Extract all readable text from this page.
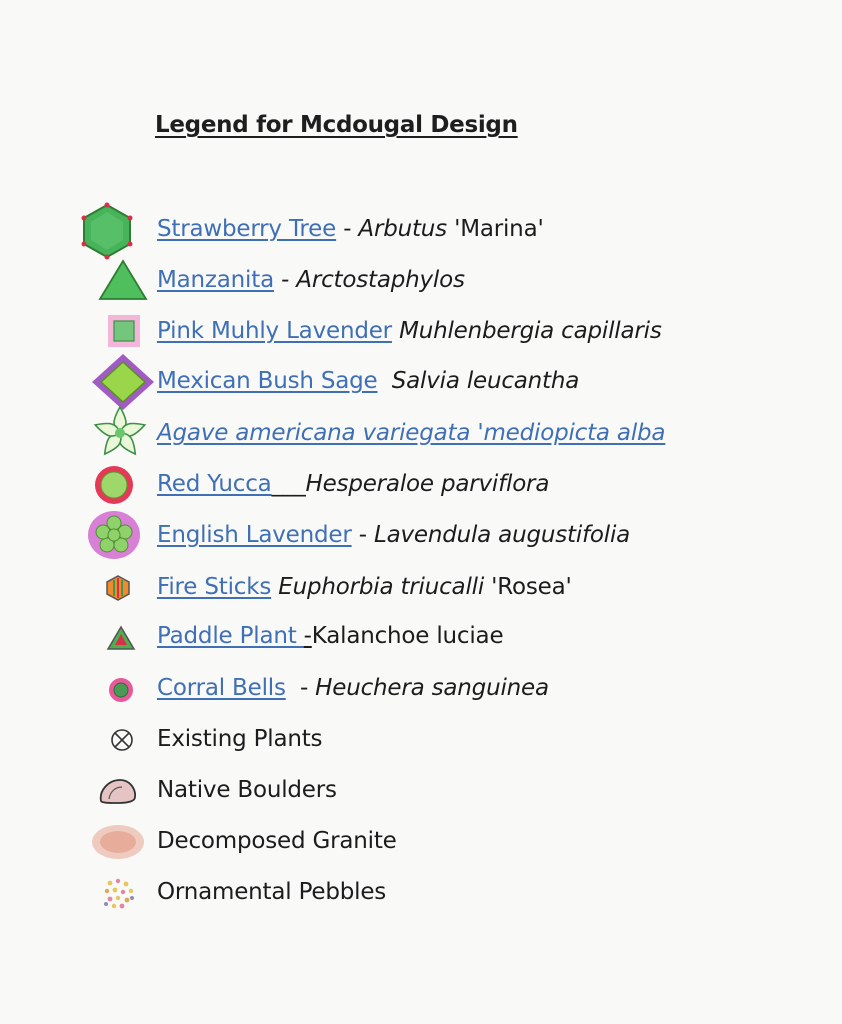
Legend for Mcdougal Design
Strawberry Tree - Arbutus 'Marina'
Manzanita - Arctostaphylos
Pink Muhly Lavender Muhlenbergia capillaris
Mexican Bush Sage Salvia leucantha
Agave americana variegata 'mediopicta alba
Red Yucca___Hesperaloe parviflora
English Lavender - Lavendula augustifolia
Fire Sticks Euphorbia triucalli 'Rosea'
Paddle Plant -Kalanchoe luciae
Corral Bells  - Heuchera sanguinea
Existing Plants
Native Boulders
Decomposed Granite
Ornamental Pebbles
